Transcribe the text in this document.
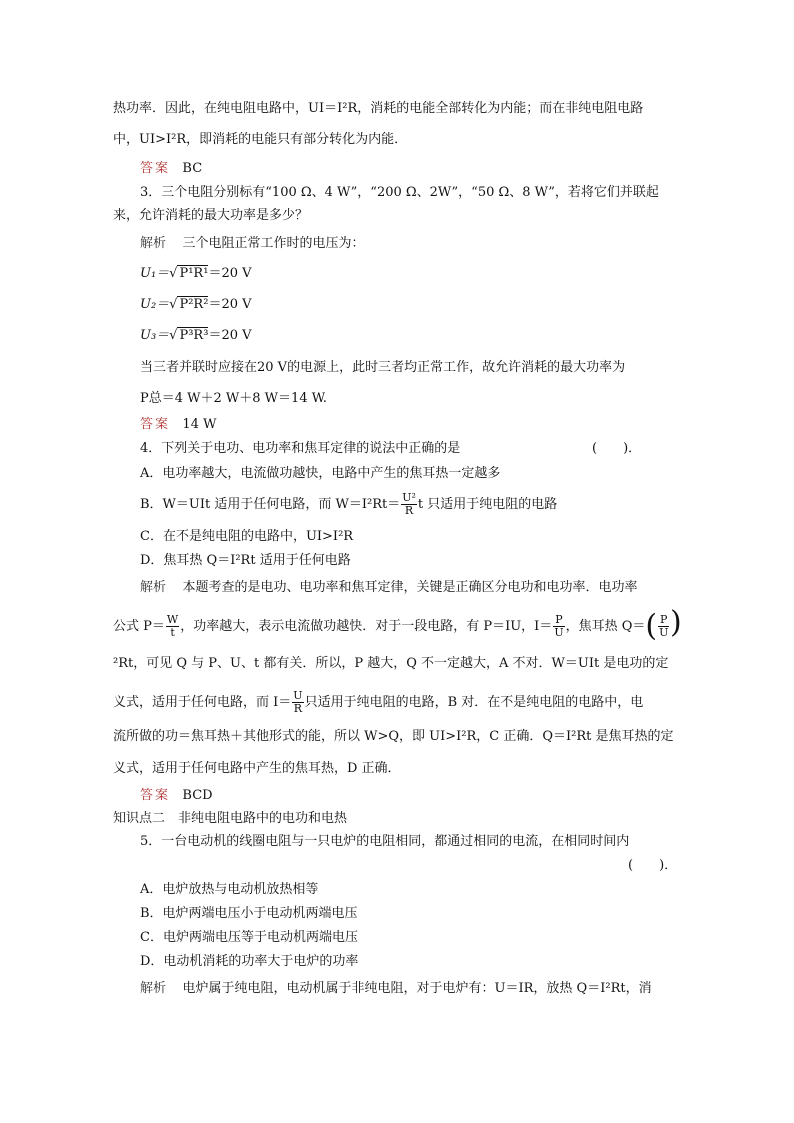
热功率．因此，在纯电阻电路中，UI＝I²R，消耗的电能全部转化为内能；而在非纯电阻电路
中，UI>I²R，即消耗的电能只有部分转化为内能．
答案 BC
3．三个电阻分别标有“100 Ω、4 W”，“200 Ω、2W”，“50 Ω、8 W”，若将它们并联起
来，允许消耗的最大功率是多少？
解析 三个电阻正常工作时的电压为：
U₁＝√ P¹R¹＝20 V
U₂＝√ P²R²＝20 V
U₃＝√ P³R³＝20 V
当三者并联时应接在20 V的电源上，此时三者均正常工作，故允许消耗的最大功率为
P总＝4 W＋2 W＋8 W＝14 W.
答案 14 W
4．下列关于电功、电功率和焦耳定律的说法中正确的是	(　　)．
A．电功率越大，电流做功越快，电路中产生的焦耳热一定越多
B．W＝UIt 适用于任何电路，而 $W=I^2Rt= \frac{\text{U²}}{R}$ t 只适用于纯电阻的电路
C．在不是纯电阻的电路中，UI>I²R
D．焦耳热 Q＝I²Rt 适用于任何电路
解析 本题考查的是电功、电功率和焦耳定律，关键是正确区分电功和电功率．电功率
公式 $P= \frac{W}{t}$ ，功率越大，表示电流做功越快．对于一段电路，有 P＝IU，$I= \frac{P}{U}$ ，焦耳热 $Q=( \frac{P}{U}$ )
²Rt，可见 Q 与 P、U、t 都有关．所以，P 越大，Q 不一定越大，A 不对．W＝UIt 是电功的定
义式，适用于任何电路，而 $I= \frac{U}{R}$ 只适用于纯电阻的电路，B 对．在不是纯电阻的电路中，电
流所做的功＝焦耳热＋其他形式的能，所以 W>Q，即 UI>I²R，C 正确．Q＝I²Rt 是焦耳热的定
义式，适用于任何电路中产生的焦耳热，D 正确．
答案 BCD
知识点二　非纯电阻电路中的电功和电热
5．一台电动机的线圈电阻与一只电炉的电阻相同，都通过相同的电流，在相同时间内
(　　)．
A．电炉放热与电动机放热相等
B．电炉两端电压小于电动机两端电压
C．电炉两端电压等于电动机两端电压
D．电动机消耗的功率大于电炉的功率
解析 电炉属于纯电阻，电动机属于非纯电阻，对于电炉有：U＝IR，放热 Q＝I²Rt，消
